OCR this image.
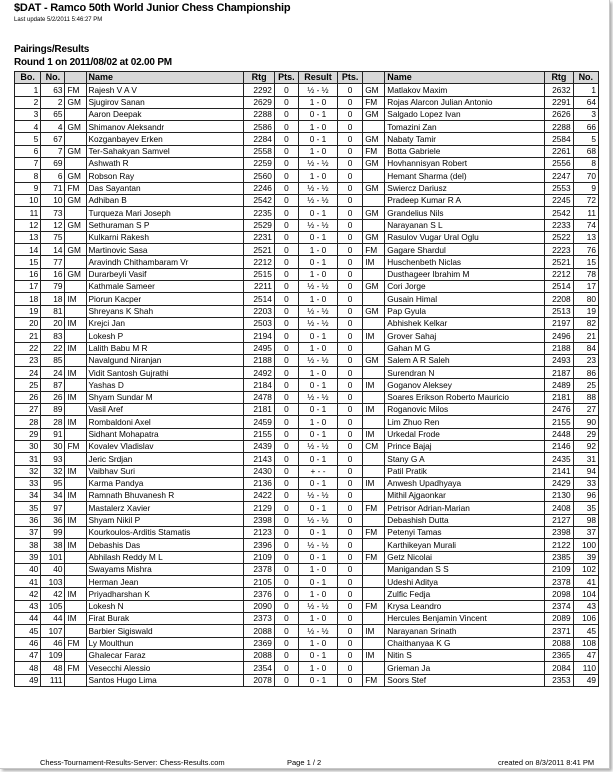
$DAT - Ramco 50th World Junior Chess Championship
Last update 5/2/2011 5:46:27 PM
Pairings/Results
Round 1 on 2011/08/02 at 02.00 PM
Bo.	No.		Name	Rtg	Pts.	Result	Pts.		Name	Rtg	No.
1	63	FM	Rajesh V A V	2292	0	½ - ½	0	GM	Matlakov Maxim	2632	1
2	2	GM	Sjugirov Sanan	2629	0	1 - 0	0	FM	Rojas Alarcon Julian Antonio	2291	64
3	65		Aaron Deepak	2288	0	0 - 1	0	GM	Salgado Lopez Ivan	2626	3
4	4	GM	Shimanov Aleksandr	2586	0	1 - 0	0		Tomazini Zan	2288	66
5	67		Kozganbayev Erken	2284	0	0 - 1	0	GM	Nabaty Tamir	2584	5
6	7	GM	Ter-Sahakyan Samvel	2558	0	1 - 0	0	FM	Botta Gabriele	2261	68
7	69		Ashwath R	2259	0	½ - ½	0	GM	Hovhannisyan Robert	2556	8
8	6	GM	Robson Ray	2560	0	1 - 0	0		Hemant Sharma (del)	2247	70
9	71	FM	Das Sayantan	2246	0	½ - ½	0	GM	Swiercz Dariusz	2553	9
10	10	GM	Adhiban B	2542	0	½ - ½	0		Pradeep Kumar R A	2245	72
11	73		Turqueza Mari Joseph	2235	0	0 - 1	0	GM	Grandelius Nils	2542	11
12	12	GM	Sethuraman S P	2529	0	½ - ½	0		Narayanan S L	2233	74
13	75		Kulkarni Rakesh	2231	0	0 - 1	0	GM	Rasulov Vugar Ural Oglu	2522	13
14	14	GM	Martinovic Sasa	2521	0	1 - 0	0	FM	Gagare Shardul	2223	76
15	77		Aravindh Chithambaram Vr	2212	0	0 - 1	0	IM	Huschenbeth Niclas	2521	15
16	16	GM	Durarbeyli Vasif	2515	0	1 - 0	0		Dusthageer Ibrahim M	2212	78
17	79		Kathmale Sameer	2211	0	½ - ½	0	GM	Cori Jorge	2514	17
18	18	IM	Piorun Kacper	2514	0	1 - 0	0		Gusain Himal	2208	80
19	81		Shreyans K Shah	2203	0	½ - ½	0	GM	Pap Gyula	2513	19
20	20	IM	Krejci Jan	2503	0	½ - ½	0		Abhishek Kelkar	2197	82
21	83		Lokesh P	2194	0	0 - 1	0	IM	Grover Sahaj	2496	21
22	22	IM	Lalith Babu M R	2495	0	1 - 0	0		Gahan M G	2188	84
23	85		Navalgund Niranjan	2188	0	½ - ½	0	GM	Salem A R Saleh	2493	23
24	24	IM	Vidit Santosh Gujrathi	2492	0	1 - 0	0		Surendran N	2187	86
25	87		Yashas D	2184	0	0 - 1	0	IM	Goganov Aleksey	2489	25
26	26	IM	Shyam Sundar M	2478	0	½ - ½	0		Soares Erikson Roberto Mauricio	2181	88
27	89		Vasil Aref	2181	0	0 - 1	0	IM	Roganovic Milos	2476	27
28	28	IM	Rombaldoni Axel	2459	0	1 - 0	0		Lim Zhuo Ren	2155	90
29	91		Sidhant Mohapatra	2155	0	0 - 1	0	IM	Urkedal Frode	2448	29
30	30	FM	Kovalev Vladislav	2439	0	½ - ½	0	CM	Prince Bajaj	2146	92
31	93		Jeric Srdjan	2143	0	0 - 1	0		Stany G A	2435	31
32	32	IM	Vaibhav Suri	2430	0	+ - -	0		Patil Pratik	2141	94
33	95		Karma Pandya	2136	0	0 - 1	0	IM	Anwesh Upadhyaya	2429	33
34	34	IM	Ramnath Bhuvanesh R	2422	0	½ - ½	0		Mithil Ajgaonkar	2130	96
35	97		Mastalerz Xavier	2129	0	0 - 1	0	FM	Petrisor Adrian-Marian	2408	35
36	36	IM	Shyam Nikil P	2398	0	½ - ½	0		Debashish Dutta	2127	98
37	99		Kourkoulos-Arditis Stamatis	2123	0	0 - 1	0	FM	Petenyi Tamas	2398	37
38	38	IM	Debashis Das	2396	0	½ - ½	0		Karthikeyan Murali	2122	100
39	101		Abhilash Reddy M L	2109	0	0 - 1	0	FM	Getz Nicolai	2385	39
40	40		Swayams Mishra	2378	0	1 - 0	0		Manigandan S S	2109	102
41	103		Herman Jean	2105	0	0 - 1	0		Udeshi Aditya	2378	41
42	42	IM	Priyadharshan K	2376	0	1 - 0	0		Zulfic Fedja	2098	104
43	105		Lokesh N	2090	0	½ - ½	0	FM	Krysa Leandro	2374	43
44	44	IM	Firat Burak	2373	0	1 - 0	0		Hercules Benjamin Vincent	2089	106
45	107		Barbier Sigiswald	2088	0	½ - ½	0	IM	Narayanan Srinath	2371	45
46	46	FM	Ly Moulthun	2369	0	1 - 0	0		Chaithanyaa K G	2088	108
47	109		Ghalecar Faraz	2088	0	0 - 1	0	IM	Nitin S	2365	47
48	48	FM	Vesecchi Alessio	2354	0	1 - 0	0		Grieman Ja	2084	110
49	111		Santos Hugo Lima	2078	0	0 - 1	0	FM	Soors Stef	2353	49
Chess-Tournament-Results-Server: Chess-Results.com	Page 1 / 2	created on 8/3/2011 8:41 PM
